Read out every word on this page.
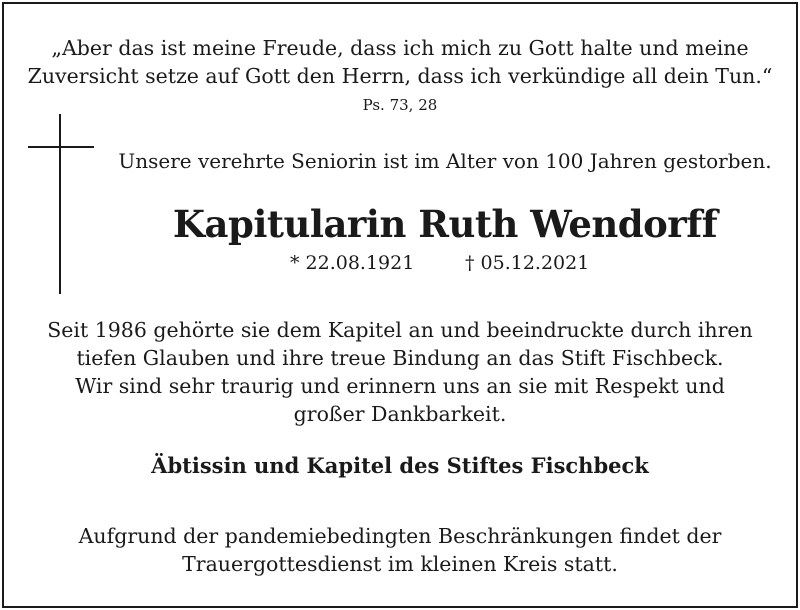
„Aber das ist meine Freude, dass ich mich zu Gott halte und meine
Zuversicht setze auf Gott den Herrn, dass ich verkündige all dein Tun.“
Ps. 73, 28
Unsere verehrte Seniorin ist im Alter von 100 Jahren gestorben.
Kapitularin Ruth Wendorff
* 22.08.1921	† 05.12.2021
Seit 1986 gehörte sie dem Kapitel an und beeindruckte durch ihren
tiefen Glauben und ihre treue Bindung an das Stift Fischbeck.
Wir sind sehr traurig und erinnern uns an sie mit Respekt und
großer Dankbarkeit.
Äbtissin und Kapitel des Stiftes Fischbeck
Aufgrund der pandemiebedingten Beschränkungen findet der
Trauergottesdienst im kleinen Kreis statt.
